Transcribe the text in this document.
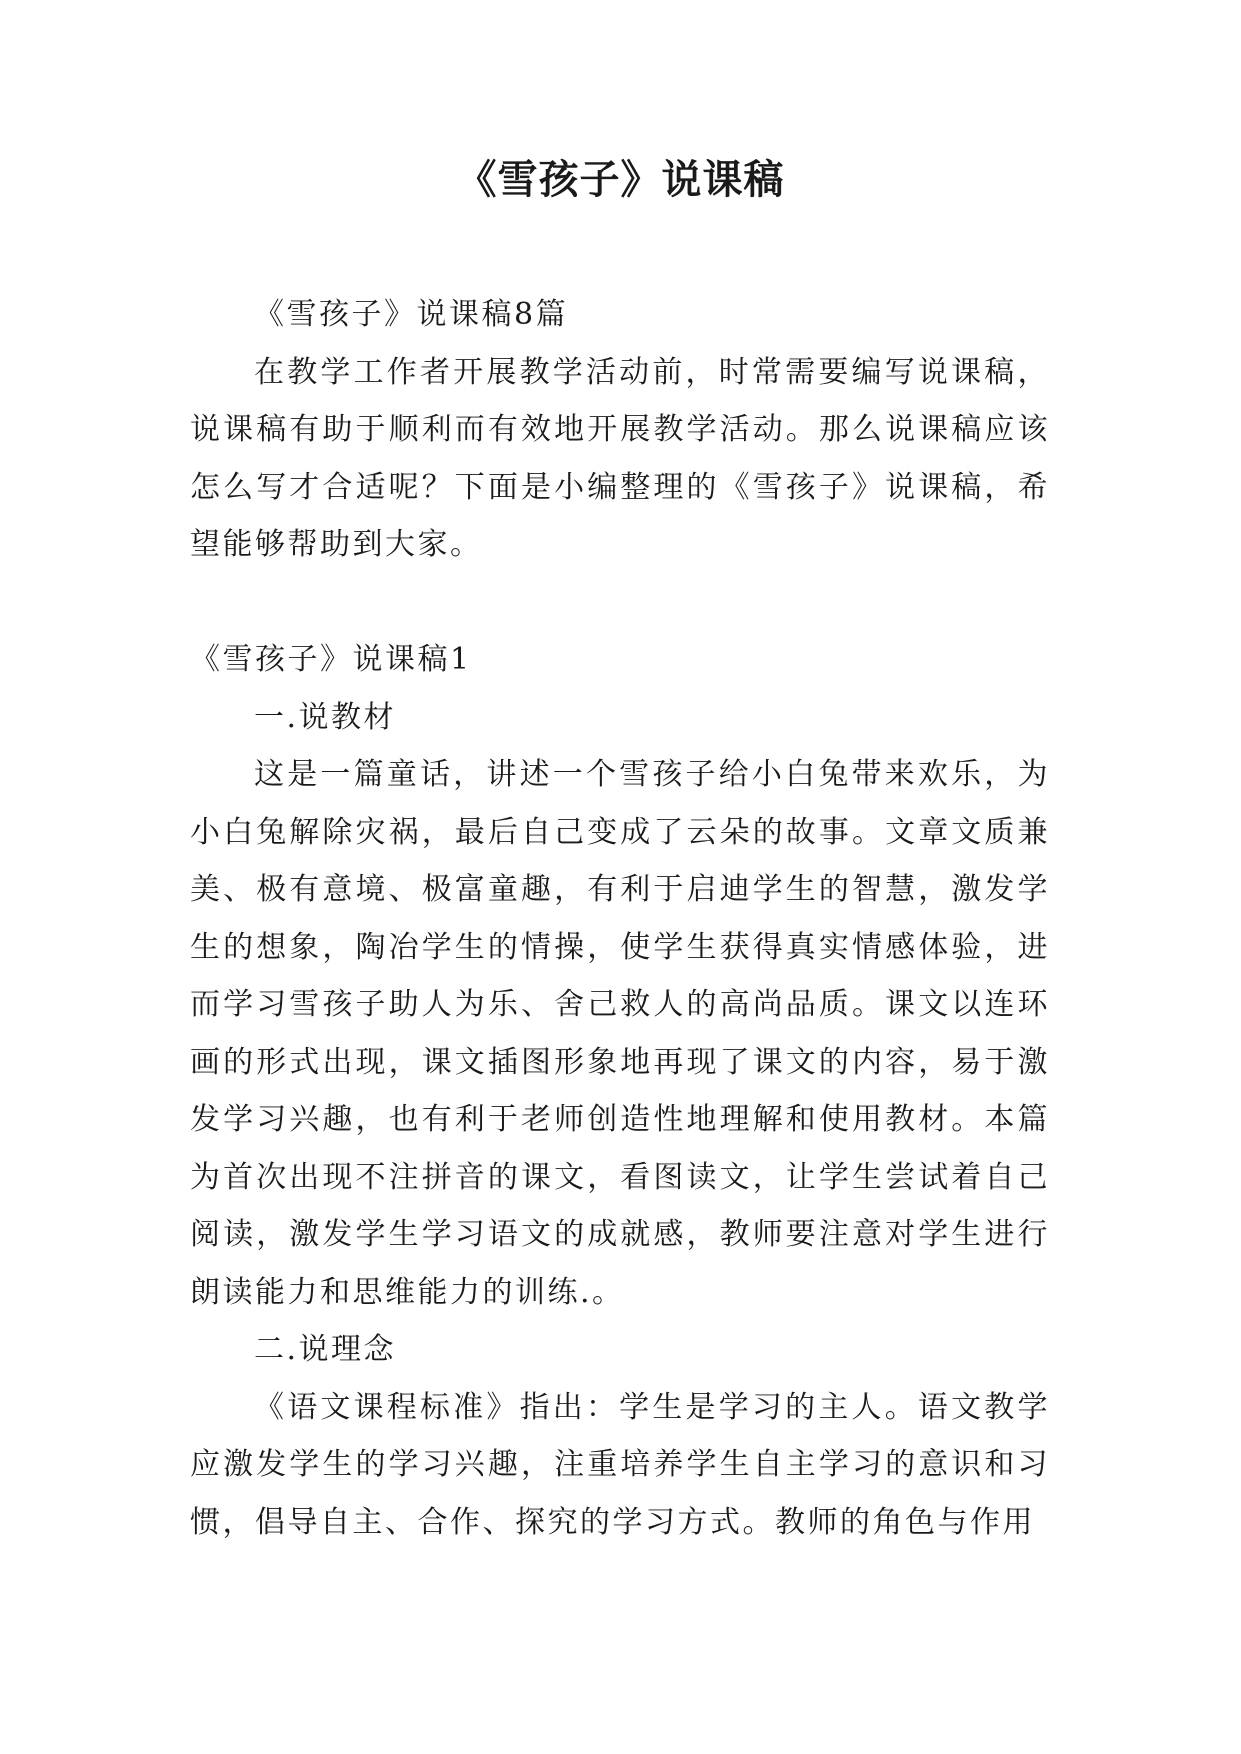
《雪孩子》说课稿

《雪孩子》说课稿8篇

在教学工作者开展教学活动前，时常需要编写说课稿，说课稿有助于顺利而有效地开展教学活动。那么说课稿应该怎么写才合适呢？下面是小编整理的《雪孩子》说课稿，希望能够帮助到大家。

《雪孩子》说课稿1

一.说教材

这是一篇童话，讲述一个雪孩子给小白兔带来欢乐，为小白兔解除灾祸，最后自己变成了云朵的故事。文章文质兼美、极有意境、极富童趣，有利于启迪学生的智慧，激发学生的想象，陶冶学生的情操，使学生获得真实情感体验，进而学习雪孩子助人为乐、舍己救人的高尚品质。课文以连环画的形式出现，课文插图形象地再现了课文的内容，易于激发学习兴趣，也有利于老师创造性地理解和使用教材。本篇为首次出现不注拼音的课文，看图读文，让学生尝试着自己阅读，激发学生学习语文的成就感，教师要注意对学生进行朗读能力和思维能力的训练.。

二.说理念

《语文课程标准》指出：学生是学习的主人。语文教学应激发学生的学习兴趣，注重培养学生自主学习的意识和习惯，倡导自主、合作、探究的学习方式。教师的角色与作用
